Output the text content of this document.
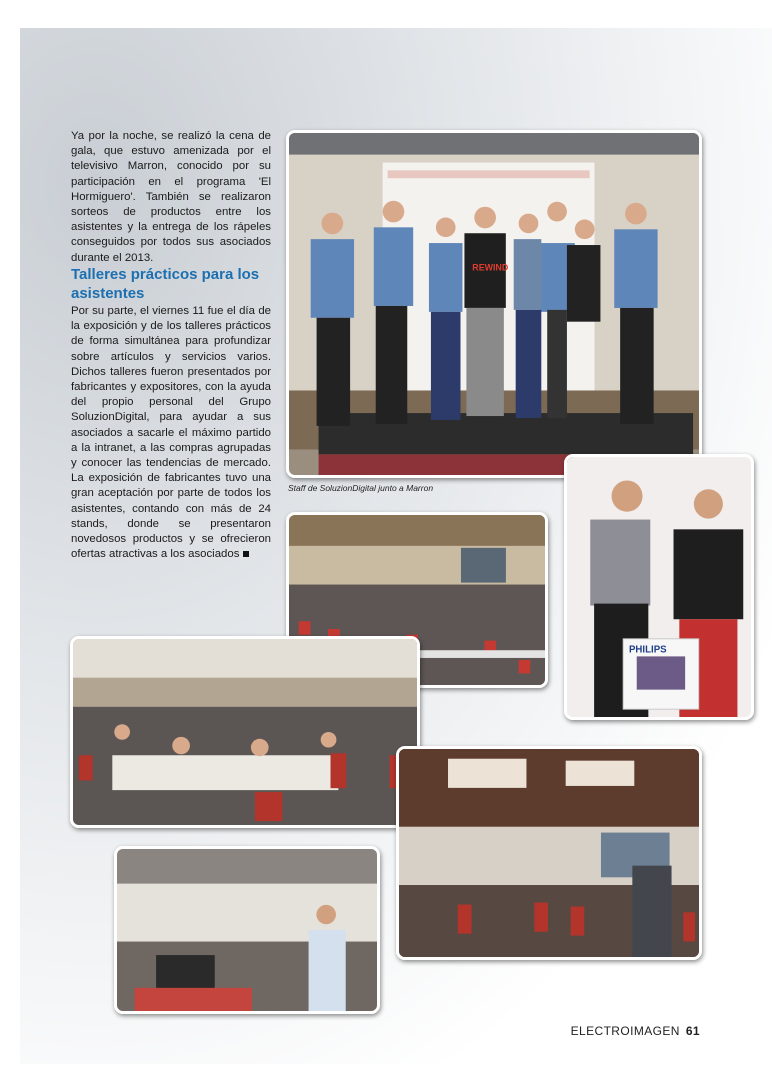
Ya por la noche, se realizó la cena de gala, que estuvo amenizada por el televisivo Marron, conocido por su participación en el programa 'El Hormiguero'. También se realizaron sorteos de productos entre los asistentes y la entrega de los rápeles conseguidos por todos sus asociados durante el 2013.

Talleres prácticos para los asistentes
Por su parte, el viernes 11 fue el día de la exposición y de los talleres prácticos de forma simultánea para profundizar sobre artículos y servicios varios. Dichos talleres fueron presentados por fabricantes y expositores, con la ayuda del propio personal del Grupo SoluzionDigital, para ayudar a sus asociados a sacarle el máximo partido a la intranet, a las compras agrupadas y conocer las tendencias de mercado. La exposición de fabricantes tuvo una gran aceptación por parte de todos los asistentes, contando con más de 24 stands, donde se presentaron novedosos productos y se ofrecieron ofertas atractivas a los asociados
REWIND
Staff de SoluzionDigital junto a Marron
PHILIPS
ELECTROIMAGEN 61
